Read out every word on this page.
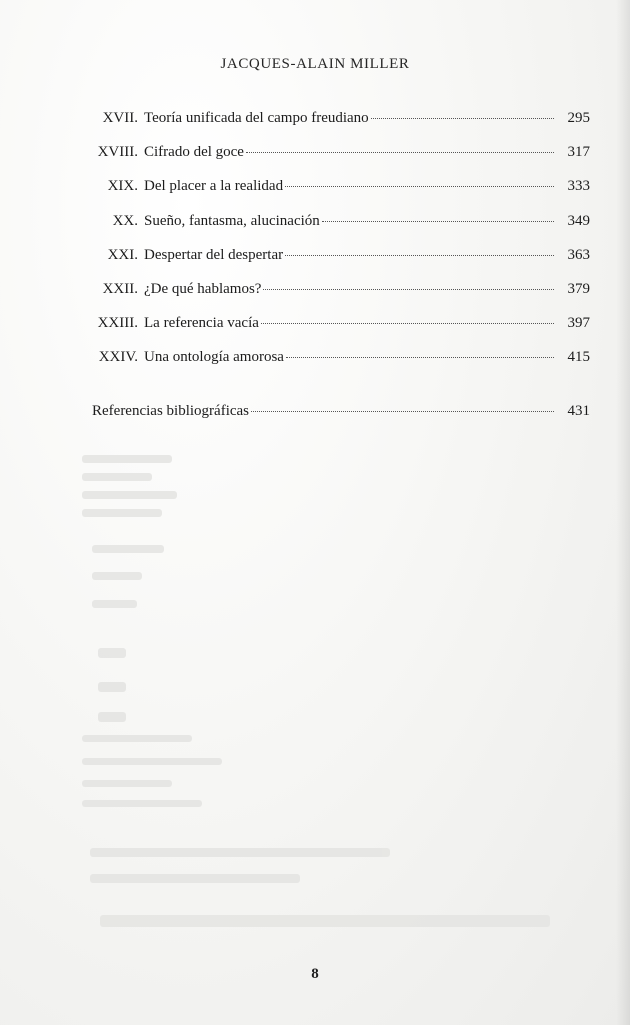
JACQUES-ALAIN MILLER
XVII. Teoría unificada del campo freudiano	295
XVIII. Cifrado del goce	317
XIX. Del placer a la realidad	333
XX. Sueño, fantasma, alucinación	349
XXI. Despertar del despertar	363
XXII. ¿De qué hablamos?	379
XXIII. La referencia vacía	397
XXIV. Una ontología amorosa	415
Referencias bibliográficas	431
8
